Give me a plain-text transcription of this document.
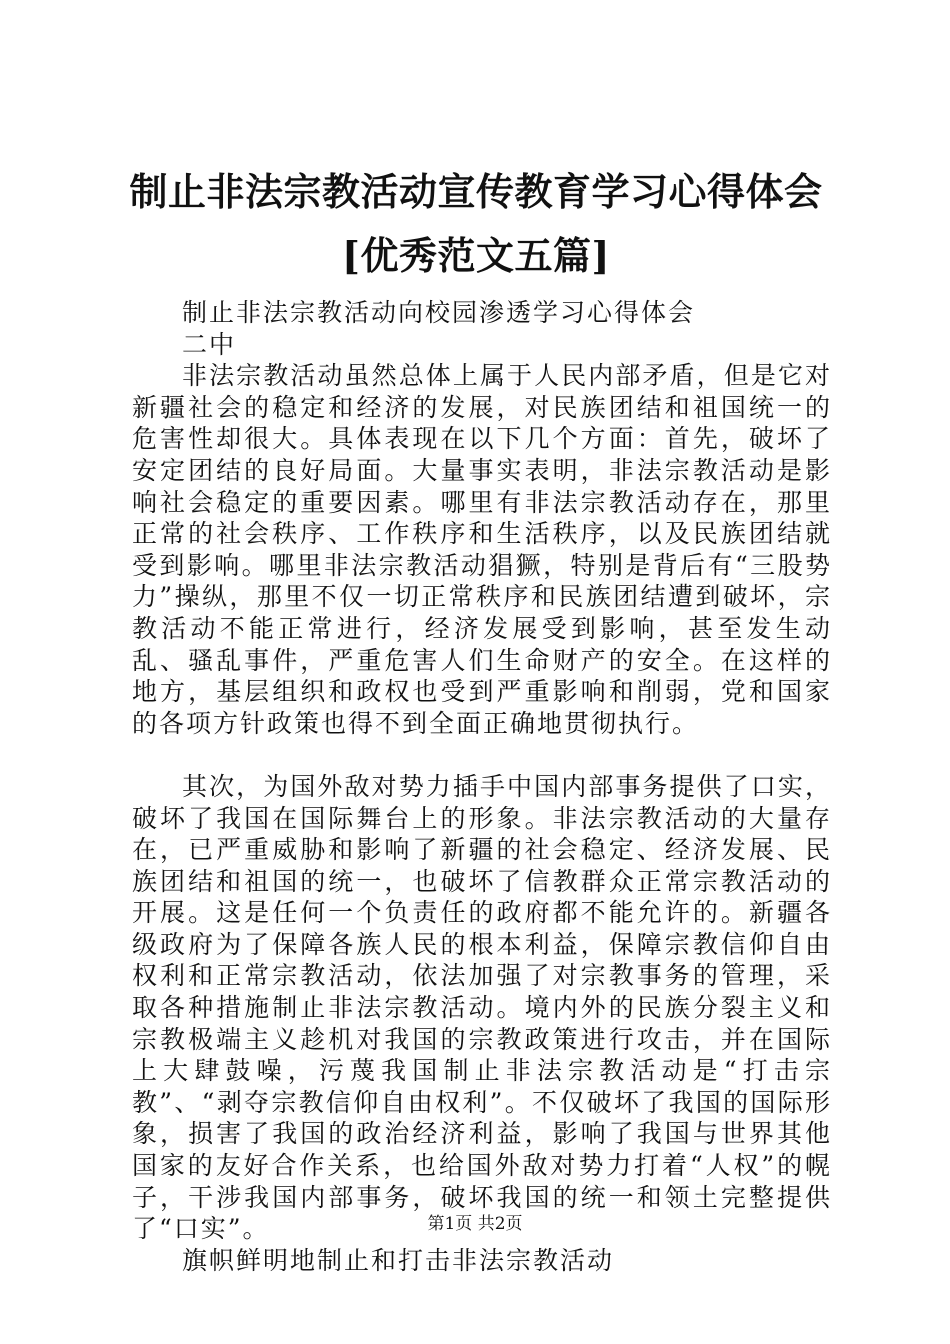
制止非法宗教活动宣传教育学习心得体会[优秀范文五篇]

制止非法宗教活动向校园渗透学习心得体会

二中

非法宗教活动虽然总体上属于人民内部矛盾，但是它对新疆社会的稳定和经济的发展，对民族团结和祖国统一的危害性却很大。具体表现在以下几个方面：首先，破坏了安定团结的良好局面。大量事实表明，非法宗教活动是影响社会稳定的重要因素。哪里有非法宗教活动存在，那里正常的社会秩序、工作秩序和生活秩序，以及民族团结就受到影响。哪里非法宗教活动猖獗，特别是背后有“三股势力”操纵，那里不仅一切正常秩序和民族团结遭到破坏，宗教活动不能正常进行，经济发展受到影响，甚至发生动乱、骚乱事件，严重危害人们生命财产的安全。在这样的地方，基层组织和政权也受到严重影响和削弱，党和国家的各项方针政策也得不到全面正确地贯彻执行。

其次，为国外敌对势力插手中国内部事务提供了口实，破坏了我国在国际舞台上的形象。非法宗教活动的大量存在，已严重威胁和影响了新疆的社会稳定、经济发展、民族团结和祖国的统一，也破坏了信教群众正常宗教活动的开展。这是任何一个负责任的政府都不能允许的。新疆各级政府为了保障各族人民的根本利益，保障宗教信仰自由权利和正常宗教活动，依法加强了对宗教事务的管理，采取各种措施制止非法宗教活动。境内外的民族分裂主义和宗教极端主义趁机对我国的宗教政策进行攻击，并在国际上大肆鼓噪，污蔑我国制止非法宗教活动是“打击宗教”、“剥夺宗教信仰自由权利”。不仅破坏了我国的国际形象，损害了我国的政治经济利益，影响了我国与世界其他国家的友好合作关系，也给国外敌对势力打着“人权”的幌子，干涉我国内部事务，破坏我国的统一和领土完整提供了“口实”。

旗帜鲜明地制止和打击非法宗教活动

第1页 共2页
